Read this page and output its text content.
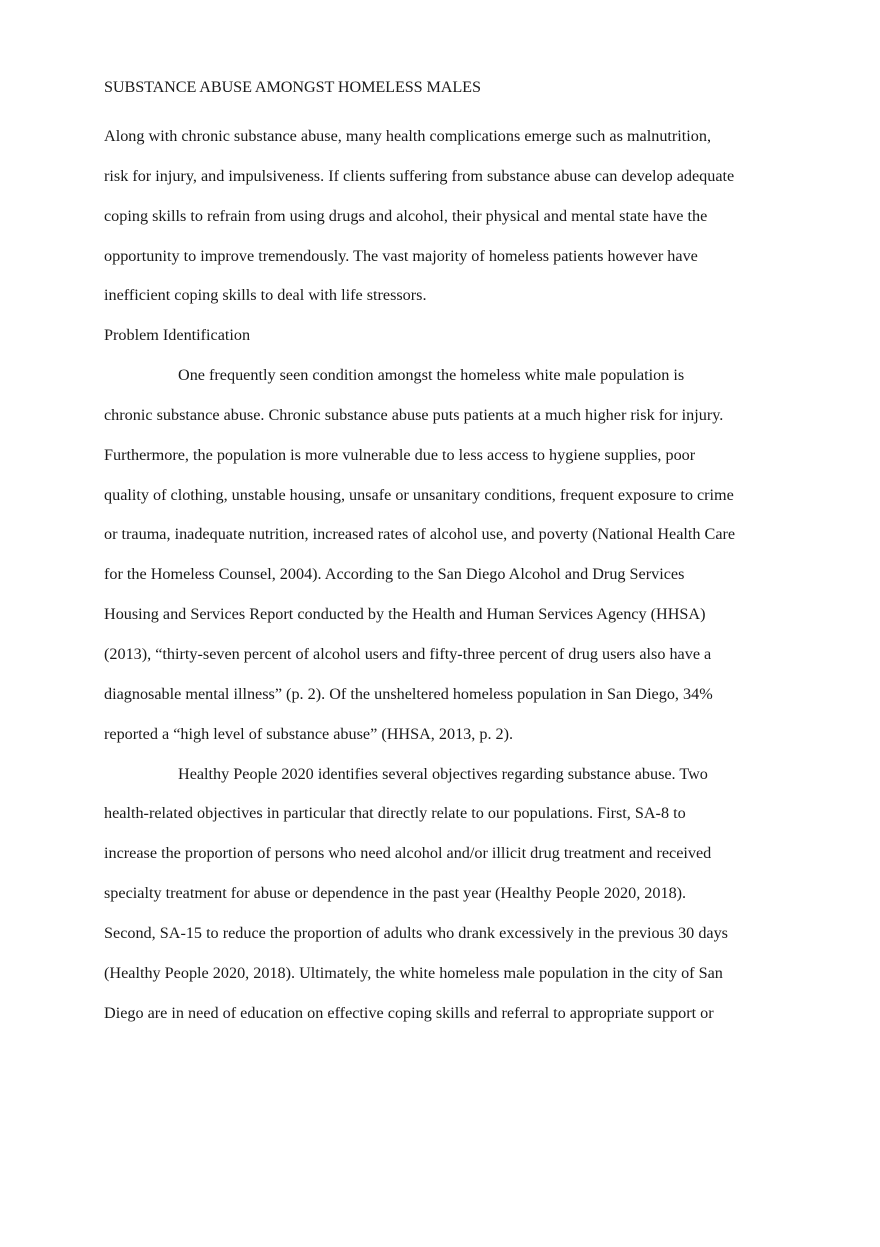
SUBSTANCE ABUSE AMONGST HOMELESS MALES

Along with chronic substance abuse, many health complications emerge such as malnutrition,
risk for injury, and impulsiveness. If clients suffering from substance abuse can develop adequate
coping skills to refrain from using drugs and alcohol, their physical and mental state have the
opportunity to improve tremendously. The vast majority of homeless patients however have
inefficient coping skills to deal with life stressors.

Problem Identification

One frequently seen condition amongst the homeless white male population is
chronic substance abuse. Chronic substance abuse puts patients at a much higher risk for injury.
Furthermore, the population is more vulnerable due to less access to hygiene supplies, poor
quality of clothing, unstable housing, unsafe or unsanitary conditions, frequent exposure to crime
or trauma, inadequate nutrition, increased rates of alcohol use, and poverty (National Health Care
for the Homeless Counsel, 2004). According to the San Diego Alcohol and Drug Services
Housing and Services Report conducted by the Health and Human Services Agency (HHSA)
(2013), “thirty-seven percent of alcohol users and fifty-three percent of drug users also have a
diagnosable mental illness” (p. 2). Of the unsheltered homeless population in San Diego, 34%
reported a “high level of substance abuse” (HHSA, 2013, p. 2).

Healthy People 2020 identifies several objectives regarding substance abuse. Two
health-related objectives in particular that directly relate to our populations. First, SA-8 to
increase the proportion of persons who need alcohol and/or illicit drug treatment and received
specialty treatment for abuse or dependence in the past year (Healthy People 2020, 2018).
Second, SA-15 to reduce the proportion of adults who drank excessively in the previous 30 days
(Healthy People 2020, 2018). Ultimately, the white homeless male population in the city of San
Diego are in need of education on effective coping skills and referral to appropriate support or
